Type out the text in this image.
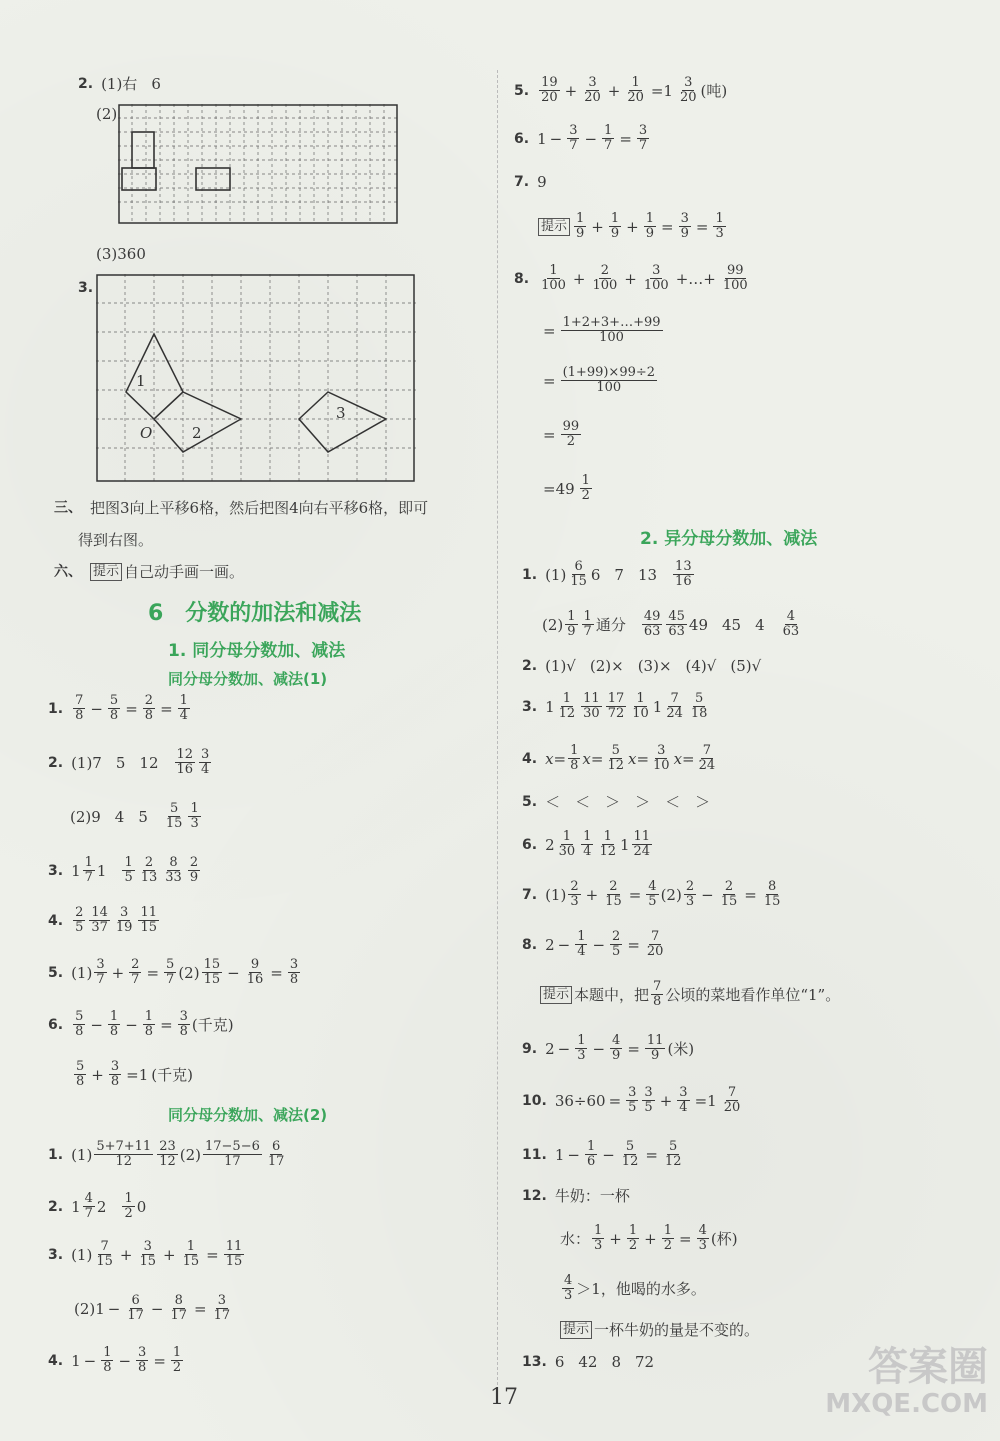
2. (1)右 6
(2)
(3)360
3.
1
2
3
O
三、 把图3向上平移6格，然后把图4向右平移6格，即可
得到右图。
六、 提示 自己动手画一画。
6　分数的加法和减法
1. 同分母分数加、减法
同分母分数加、减法(1)
1. $\frac{7}{8} - \frac{5}{8} = \frac{2}{8} = \frac{1}{4}$
2. (1)7 5 $12 \frac{12}{16} \frac{3}{4}$
(2)9 4 $5 \frac{5}{15} \frac{1}{3}$
3. $1 \frac{1}{7} 1 \frac{1}{5} \frac{2}{13} \frac{8}{33} \frac{2}{9}$
4. $\frac{2}{5} \frac{14}{37} \frac{3}{19} \frac{11}{15}$
5. $(1) \frac{3}{7} + \frac{2}{7} = \frac{5}{7} (2) \frac{15}{15} - \frac{9}{16} = \frac{3}{8}$
6. $\frac{5}{8} - \frac{1}{8} - \frac{1}{8} = \frac{3}{8}$ (千克)
$\frac{5}{8} + \frac{3}{8} =1$ (千克)
同分母分数加、减法(2)
1. $(1) \frac{5+7+11}{12} \frac{23}{12} (2) \frac{17-5-6}{17} \frac{6}{17}$
2. $1 \frac{4}{7} 2 \frac{1}{2} 0$
3. $(1) \frac{7}{15} + \frac{3}{15} + \frac{1}{15} = \frac{11}{15}$
$(2)1 - \frac{6}{17} - \frac{8}{17} = \frac{3}{17}$
4. $1 - \frac{1}{8} - \frac{3}{8} = \frac{1}{2}$
5. $\frac{19}{20} + \frac{3}{20} + \frac{1}{20} =1 \frac{3}{20}$ (吨)
6. $1 - \frac{3}{7} - \frac{1}{7} = \frac{3}{7}$
7. 9
提示 $\frac{1}{9} + \frac{1}{9} + \frac{1}{9} = \frac{3}{9} = \frac{1}{3}$
8. $\frac{1}{100} + \frac{2}{100} + \frac{3}{100}$ +…+ $\frac{99}{100}$
= $\frac{1+2+3+\dots+99}{100}$
= $\frac{(1+99)\times 99\div 2}{100}$
= $\frac{99}{2}$
$=49 \frac{1}{2}$
2. 异分母分数加、减法
1. $(1) \frac{6}{15} 6$ 7 $13 \frac{13}{16}$
$(2) \frac{1}{9} \frac{1}{7}$ 通分 $\frac{49}{63} \frac{45}{63} 49$ 45 $4 \frac{4}{63}$
2. (1)√ (2)× (3)× (4)√ (5)√
3. $1 \frac{1}{12} \frac{11}{30} \frac{17}{72} \frac{1}{10} 1 \frac{7}{24} \frac{5}{18}$
4. $x= \frac{1}{8} x= \frac{5}{12} x= \frac{3}{10} x= \frac{7}{24}$
5. ＜　＜　＞　＞　＜　＞
6. $2 \frac{1}{30} \frac{1}{4} \frac{1}{12} 1 \frac{11}{24}$
7. $(1) \frac{2}{3} + \frac{2}{15} = \frac{4}{5} (2) \frac{2}{3} - \frac{2}{15} = \frac{8}{15}$
8. $2 - \frac{1}{4} - \frac{2}{5} = \frac{7}{20}$
提示 本题中，把 $\frac{7}{8}$ 公顷的菜地看作单位“1”。
9. $2 - \frac{1}{3} - \frac{4}{9} = \frac{11}{9}$ (米)
10. $36\div 60 = \frac{3}{5} \frac{3}{5} + \frac{3}{4} =1 \frac{7}{20}$
11. $1 - \frac{1}{6} - \frac{5}{12} = \frac{5}{12}$
12. 牛奶：一杯
水： $\frac{1}{3} + \frac{1}{2} + \frac{1}{2} = \frac{4}{3}$ (杯)
$\frac{4}{3} >1$，他喝的水多。
提示 一杯牛奶的量是不变的。
13. 6 42 8 72
17
答案圈
MXQE.COM
